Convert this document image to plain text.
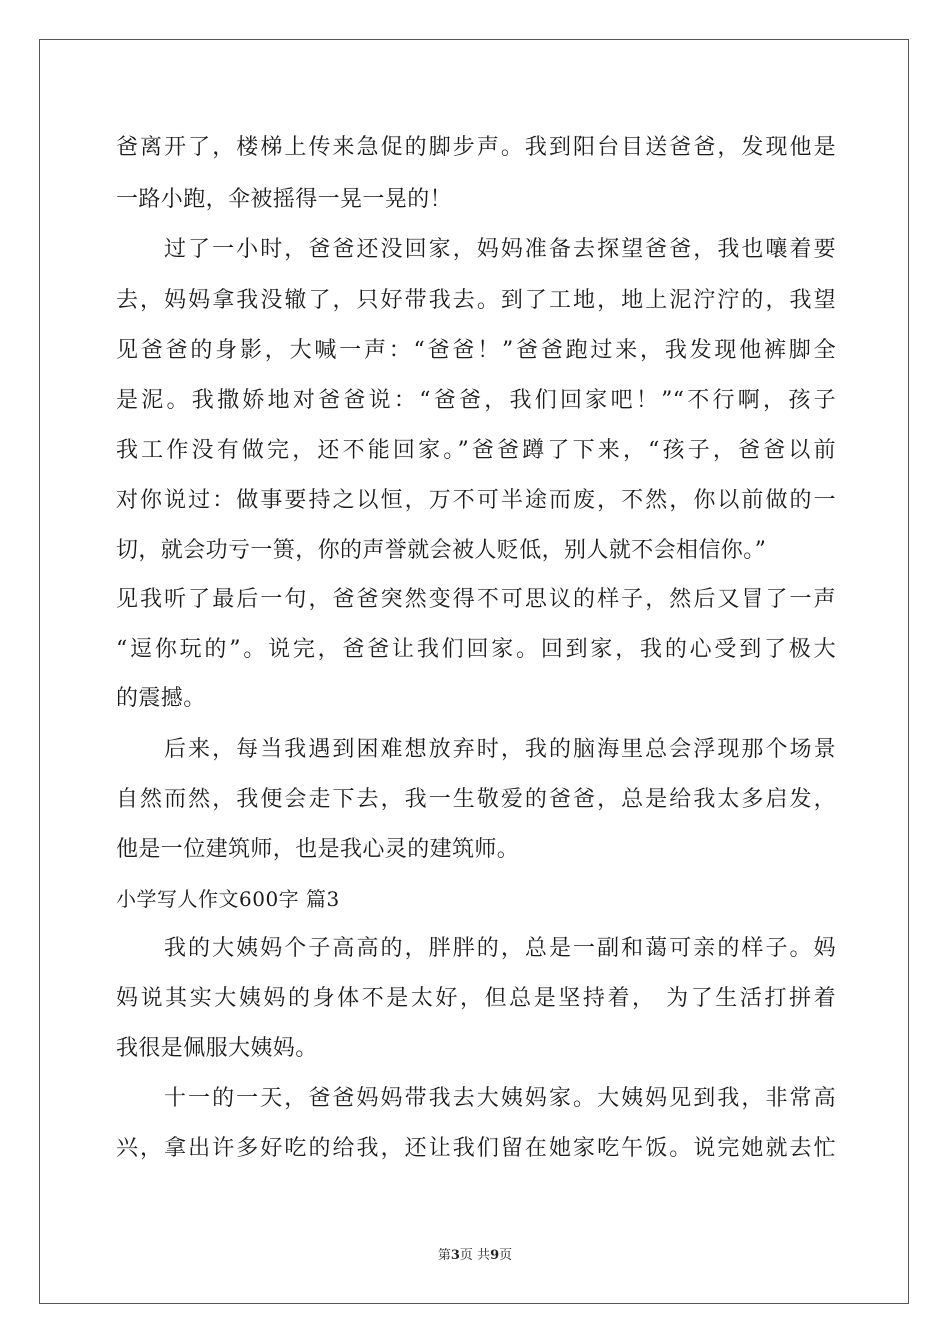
爸离开了，楼梯上传来急促的脚步声。我到阳台目送爸爸，发现他是
一路小跑，伞被摇得一晃一晃的！
过了一小时，爸爸还没回家，妈妈准备去探望爸爸，我也嚷着要
去，妈妈拿我没辙了，只好带我去。到了工地，地上泥泞泞的，我望
见爸爸的身影，大喊一声：“爸爸！”爸爸跑过来，我发现他裤脚全
是泥。我撒娇地对爸爸说：“爸爸，我们回家吧！”“不行啊，孩子
我工作没有做完，还不能回家。”爸爸蹲了下来，“孩子，爸爸以前
对你说过：做事要持之以恒，万不可半途而废，不然，你以前做的一
切，就会功亏一篑，你的声誉就会被人贬低，别人就不会相信你。”
见我听了最后一句，爸爸突然变得不可思议的样子，然后又冒了一声
“逗你玩的”。说完，爸爸让我们回家。回到家，我的心受到了极大
的震撼。
后来，每当我遇到困难想放弃时，我的脑海里总会浮现那个场景
自然而然，我便会走下去，我一生敬爱的爸爸，总是给我太多启发，
他是一位建筑师，也是我心灵的建筑师。
小学写人作文600字 篇3
我的大姨妈个子高高的，胖胖的，总是一副和蔼可亲的样子。妈
妈说其实大姨妈的身体不是太好，但总是坚持着， 为了生活打拼着
我很是佩服大姨妈。
十一的一天，爸爸妈妈带我去大姨妈家。大姨妈见到我，非常高
兴，拿出许多好吃的给我，还让我们留在她家吃午饭。说完她就去忙
第3页 共9页
